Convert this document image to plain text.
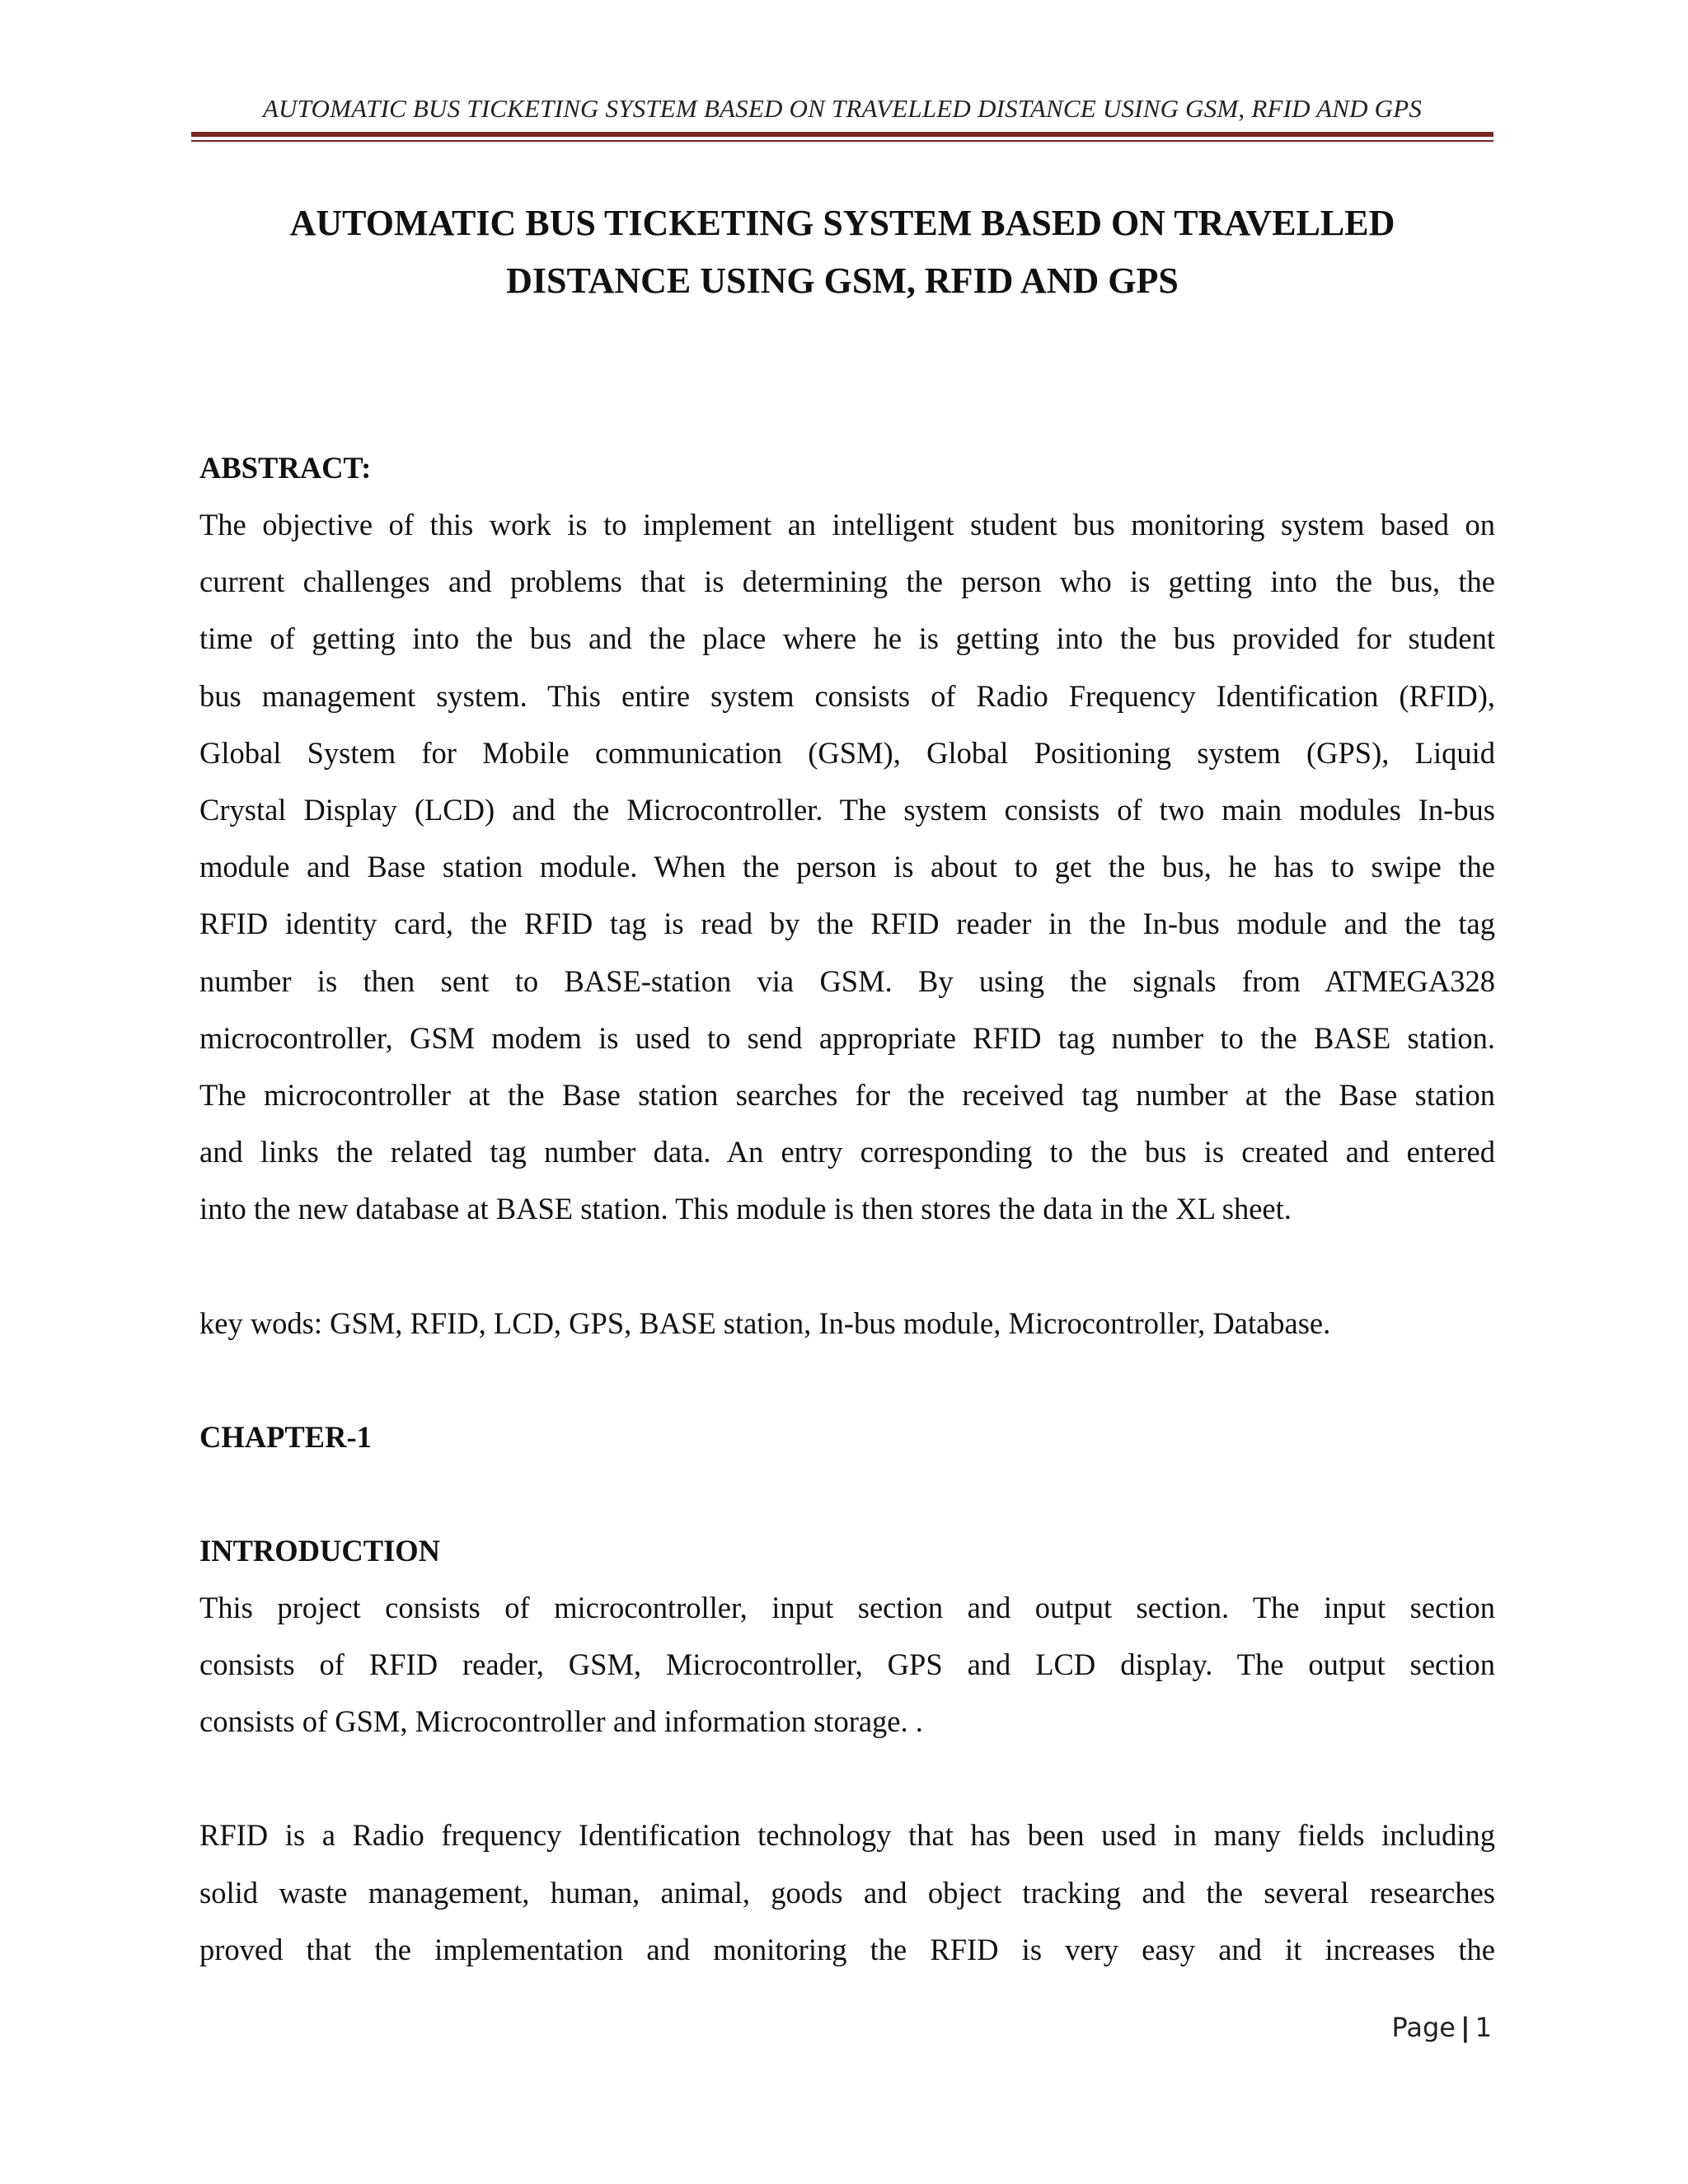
AUTOMATIC BUS TICKETING SYSTEM BASED ON TRAVELLED DISTANCE USING GSM, RFID AND GPS
AUTOMATIC BUS TICKETING SYSTEM BASED ON TRAVELLED
DISTANCE USING GSM, RFID AND GPS

ABSTRACT:

The objective of this work is to implement an intelligent student bus monitoring system based on
current challenges and problems that is determining the person who is getting into the bus, the
time of getting into the bus and the place where he is getting into the bus provided for student
bus management system. This entire system consists of Radio Frequency Identification (RFID),
Global System for Mobile communication (GSM), Global Positioning system (GPS), Liquid
Crystal Display (LCD) and the Microcontroller. The system consists of two main modules In-bus
module and Base station module. When the person is about to get the bus, he has to swipe the
RFID identity card, the RFID tag is read by the RFID reader in the In-bus module and the tag
number is then sent to BASE-station via GSM. By using the signals from ATMEGA328
microcontroller, GSM modem is used to send appropriate RFID tag number to the BASE station.
The microcontroller at the Base station searches for the received tag number at the Base station
and links the related tag number data. An entry corresponding to the bus is created and entered
into the new database at BASE station. This module is then stores the data in the XL sheet.

key wods: GSM, RFID, LCD, GPS, BASE station, In-bus module, Microcontroller, Database.

CHAPTER-1

INTRODUCTION

This project consists of microcontroller, input section and output section. The input section
consists of RFID reader, GSM, Microcontroller, GPS and LCD display. The output section
consists of GSM, Microcontroller and information storage. .

RFID is a Radio frequency Identification technology that has been used in many fields including
solid waste management, human, animal, goods and object tracking and the several researches
proved that the implementation and monitoring the RFID is very easy and it increases the

Page | 1
